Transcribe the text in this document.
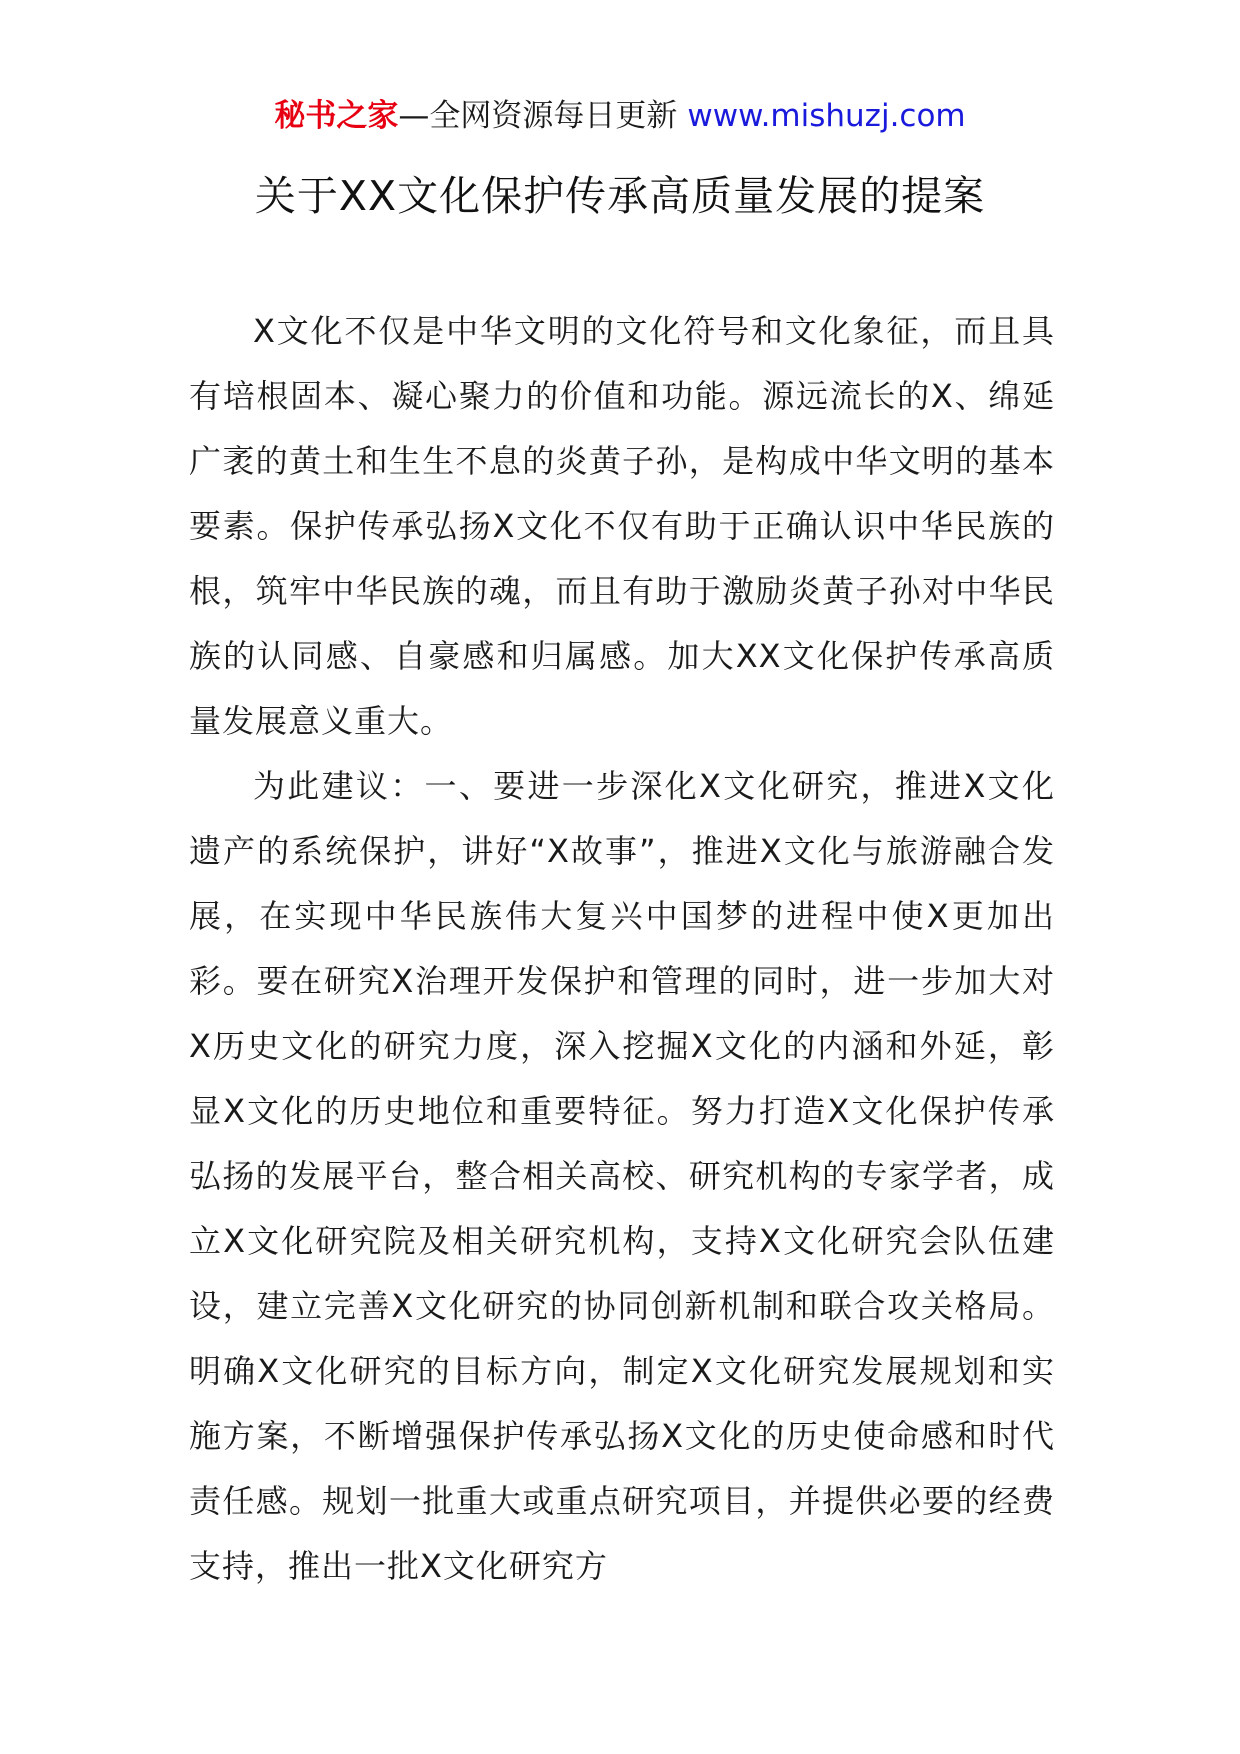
秘书之家—全网资源每日更新 www.mishuzj.com
关于XX文化保护传承高质量发展的提案

X文化不仅是中华文明的文化符号和文化象征，而且具有培根固本、凝心聚力的价值和功能。源远流长的X、绵延广袤的黄土和生生不息的炎黄子孙，是构成中华文明的基本要素。保护传承弘扬X文化不仅有助于正确认识中华民族的根，筑牢中华民族的魂，而且有助于激励炎黄子孙对中华民族的认同感、自豪感和归属感。加大XX文化保护传承高质量发展意义重大。

为此建议：一、要进一步深化X文化研究，推进X文化遗产的系统保护，讲好“X故事”，推进X文化与旅游融合发展，在实现中华民族伟大复兴中国梦的进程中使X更加出彩。要在研究X治理开发保护和管理的同时，进一步加大对X历史文化的研究力度，深入挖掘X文化的内涵和外延，彰显X文化的历史地位和重要特征。努力打造X文化保护传承弘扬的发展平台，整合相关高校、研究机构的专家学者，成立X文化研究院及相关研究机构，支持X文化研究会队伍建设，建立完善X文化研究的协同创新机制和联合攻关格局。明确X文化研究的目标方向，制定X文化研究发展规划和实施方案，不断增强保护传承弘扬X文化的历史使命感和时代责任感。规划一批重大或重点研究项目，并提供必要的经费支持，推出一批X文化研究方
